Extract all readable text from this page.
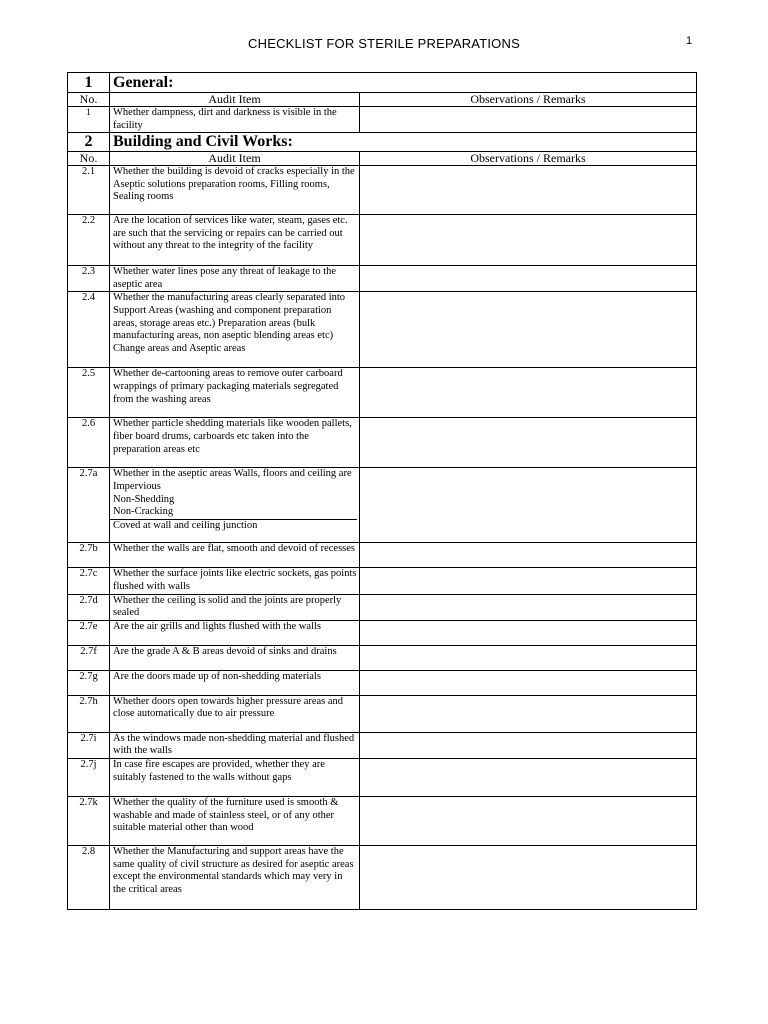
CHECKLIST FOR STERILE PREPARATIONS	1
1	General:	
No.	Audit Item	Observations / Remarks
1	Whether dampness, dirt and darkness is visible in the facility	
2	Building and Civil Works:	
No.	Audit Item	Observations / Remarks
2.1	Whether the building is devoid of cracks especially in the Aseptic solutions preparation rooms, Filling rooms, Sealing rooms	
2.2	Are the location of services like water, steam, gases etc. are such that the servicing or repairs can be carried out without any threat to the integrity of the facility	
2.3	Whether water lines pose any threat of leakage to the aseptic area	
2.4	Whether the manufacturing areas clearly separated into Support Areas (washing and component preparation areas, storage areas etc.) Preparation areas (bulk manufacturing areas, non aseptic blending areas etc) Change areas and Aseptic areas	
2.5	Whether de-cartooning areas to remove outer carboard wrappings of primary packaging materials segregated from the washing areas	
2.6	Whether particle shedding materials like wooden pallets, fiber board drums, carboards etc taken into the preparation areas etc	
2.7a	Whether in the aseptic areas Walls, floors and ceiling are
Impervious
Non-Shedding
Non-Cracking
Coved at wall and ceiling junction	

2.7b	Whether the walls are flat, smooth and devoid of recesses	
2.7c	Whether the surface joints like electric sockets, gas points flushed with walls	
2.7d	Whether the ceiling is solid and the joints are properly sealed	
2.7e	Are the air grills and lights flushed with the walls	
2.7f	Are the grade A & B areas devoid of sinks and drains	
2.7g	Are the doors made up of non-shedding materials	
2.7h	Whether doors open towards higher pressure areas and close automatically due to air pressure	
2.7i	As the windows made non-shedding material and flushed with the walls	
2.7j	In case fire escapes are provided, whether they are suitably fastened to the walls without gaps	
2.7k	Whether the quality of the furniture used is smooth & washable and made of stainless steel, or of any other suitable material other than wood	
2.8	Whether the Manufacturing and support areas have the same quality of civil structure as desired for aseptic areas except the environmental standards which may very in the critical areas	
